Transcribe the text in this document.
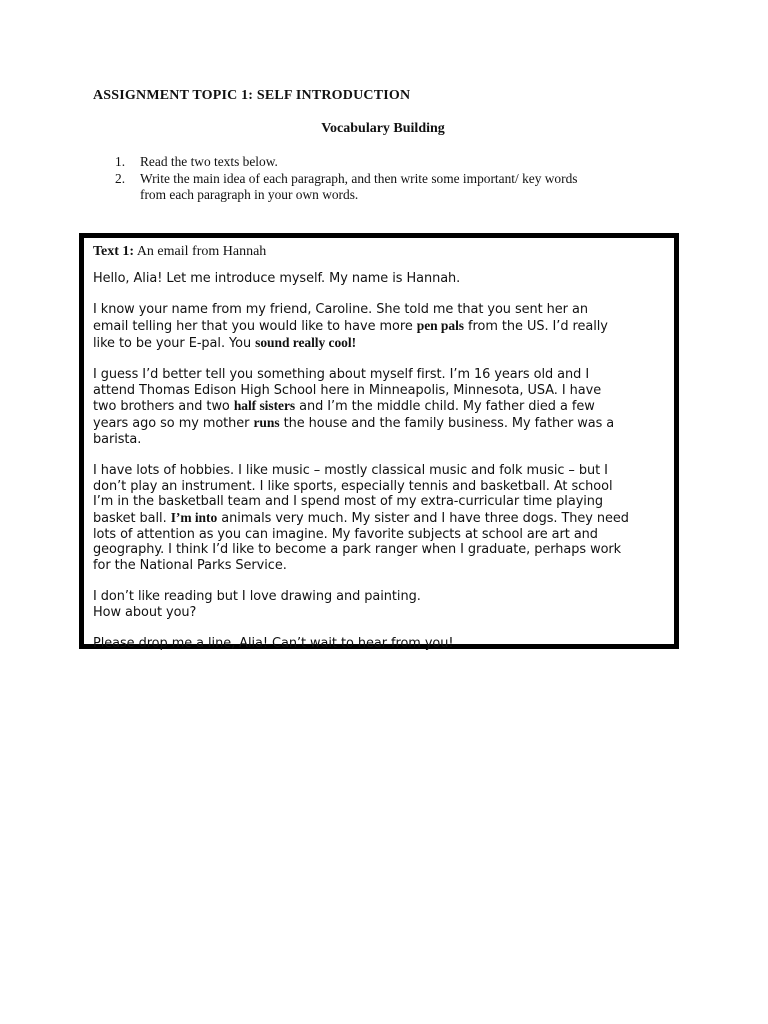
ASSIGNMENT TOPIC 1: SELF INTRODUCTION
Vocabulary Building
1. Read the two texts below.
2. Write the main idea of each paragraph, and then write some important/ key words
from each paragraph in your own words.
Text 1: An email from Hannah

Hello, Alia! Let me introduce myself. My name is Hannah.

I know your name from my friend, Caroline. She told me that you sent her an
email telling her that you would like to have more pen pals from the US. I’d really
like to be your E-pal. You sound really cool!

I guess I’d better tell you something about myself first. I’m 16 years old and I
attend Thomas Edison High School here in Minneapolis, Minnesota, USA. I have
two brothers and two half sisters and I’m the middle child. My father died a few
years ago so my mother runs the house and the family business. My father was a
barista.

I have lots of hobbies. I like music – mostly classical music and folk music – but I
don’t play an instrument. I like sports, especially tennis and basketball. At school
I’m in the basketball team and I spend most of my extra-curricular time playing
basket ball. I’m into animals very much. My sister and I have three dogs. They need
lots of attention as you can imagine. My favorite subjects at school are art and
geography. I think I’d like to become a park ranger when I graduate, perhaps work
for the National Parks Service.

I don’t like reading but I love drawing and painting.
How about you?

Please drop me a line, Alia! Can’t wait to hear from you!
